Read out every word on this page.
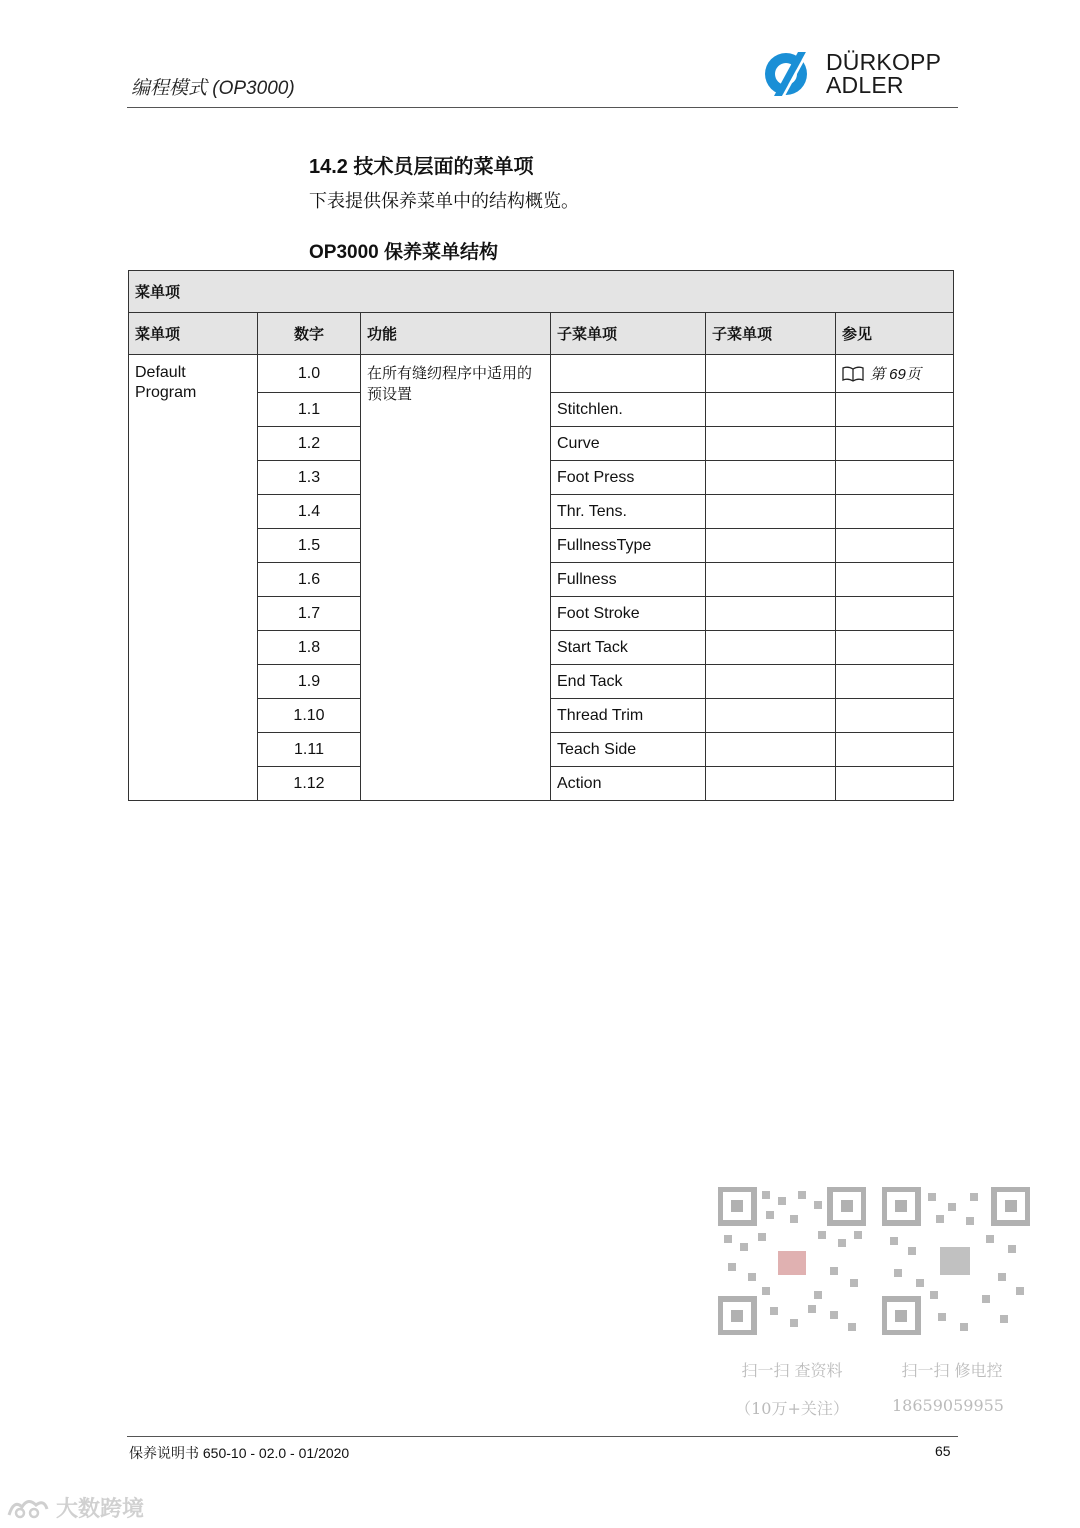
编程模式 (OP3000)
DÜRKOPP
ADLER
14.2 技术员层面的菜单项
下表提供保养菜单中的结构概览。
OP3000 保养菜单结构
菜单项					
菜单项	数字	功能	子菜单项	子菜单项	参见
Default Program	1.0	在所有缝纫程序中适用的预设置			第 69页

	1.1		Stitchlen.		
	1.2		Curve		
	1.3		Foot Press		
	1.4		Thr. Tens.		
	1.5		FullnessType		
	1.6		Fullness		
	1.7		Foot Stroke		
	1.8		Start Tack		
	1.9		End Tack		
	1.10		Thread Trim		
	1.11		Teach Side		
	1.12		Action		
扫一扫 查资料
（10万+关注）
扫一扫 修电控
18659059955
保养说明书 650-10 - 02.0 - 01/2020	65
大数跨境
